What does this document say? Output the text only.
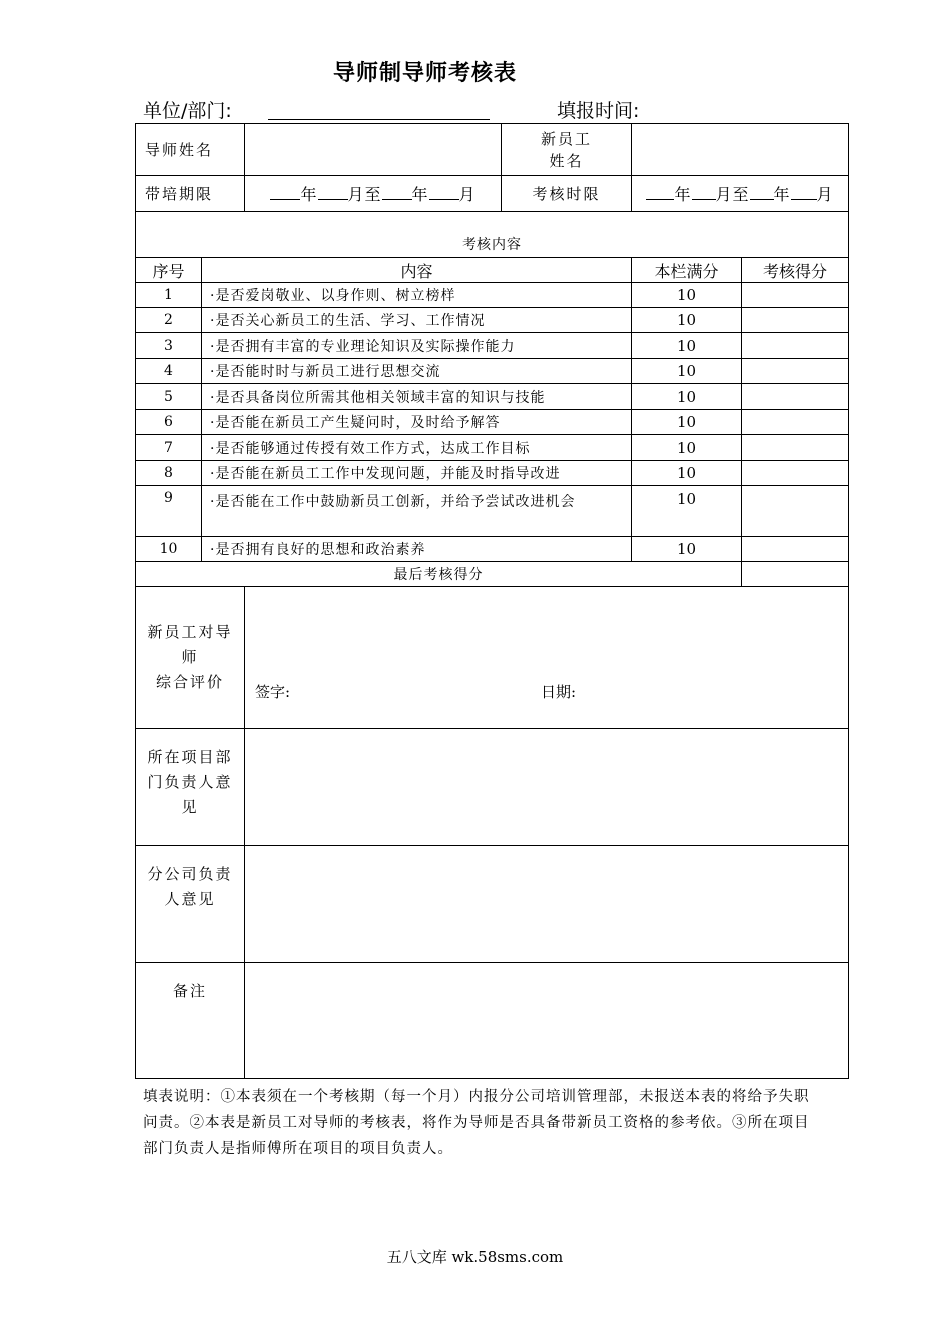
导师制导师考核表
单位/部门:	填报时间:
导师姓名			新员工
姓名		
带培期限		年 月至 年 月	考核时限	年 月至 年 月	
考核内容					
序号	内容			本栏满分	考核得分
1	·是否爱岗敬业、以身作则、树立榜样			10	
2	·是否关心新员工的生活、学习、工作情况			10	
3	·是否拥有丰富的专业理论知识及实际操作能力			10	
4	·是否能时时与新员工进行思想交流			10	
5	·是否具备岗位所需其他相关领域丰富的知识与技能			10	
6	·是否能在新员工产生疑问时，及时给予解答			10	
7	·是否能够通过传授有效工作方式，达成工作目标			10	
8	·是否能在新员工工作中发现问题，并能及时指导改进			10	
9	·是否能在工作中鼓励新员工创新，并给予尝试改进机会			10	
10	·是否拥有良好的思想和政治素养			10	
最后考核得分					
新员工对导
师
综合评价		签字: 日期:			

所在项目部
门负责人意
见					
分公司负责
人意见					
备注					
填表说明：①本表须在一个考核期（每一个月）内报分公司培训管理部，未报送本表的将给予失职问责。②本表是新员工对导师的考核表，将作为导师是否具备带新员工资格的参考依。③所在项目部门负责人是指师傅所在项目的项目负责人。
五八文库 wk.58sms.com
